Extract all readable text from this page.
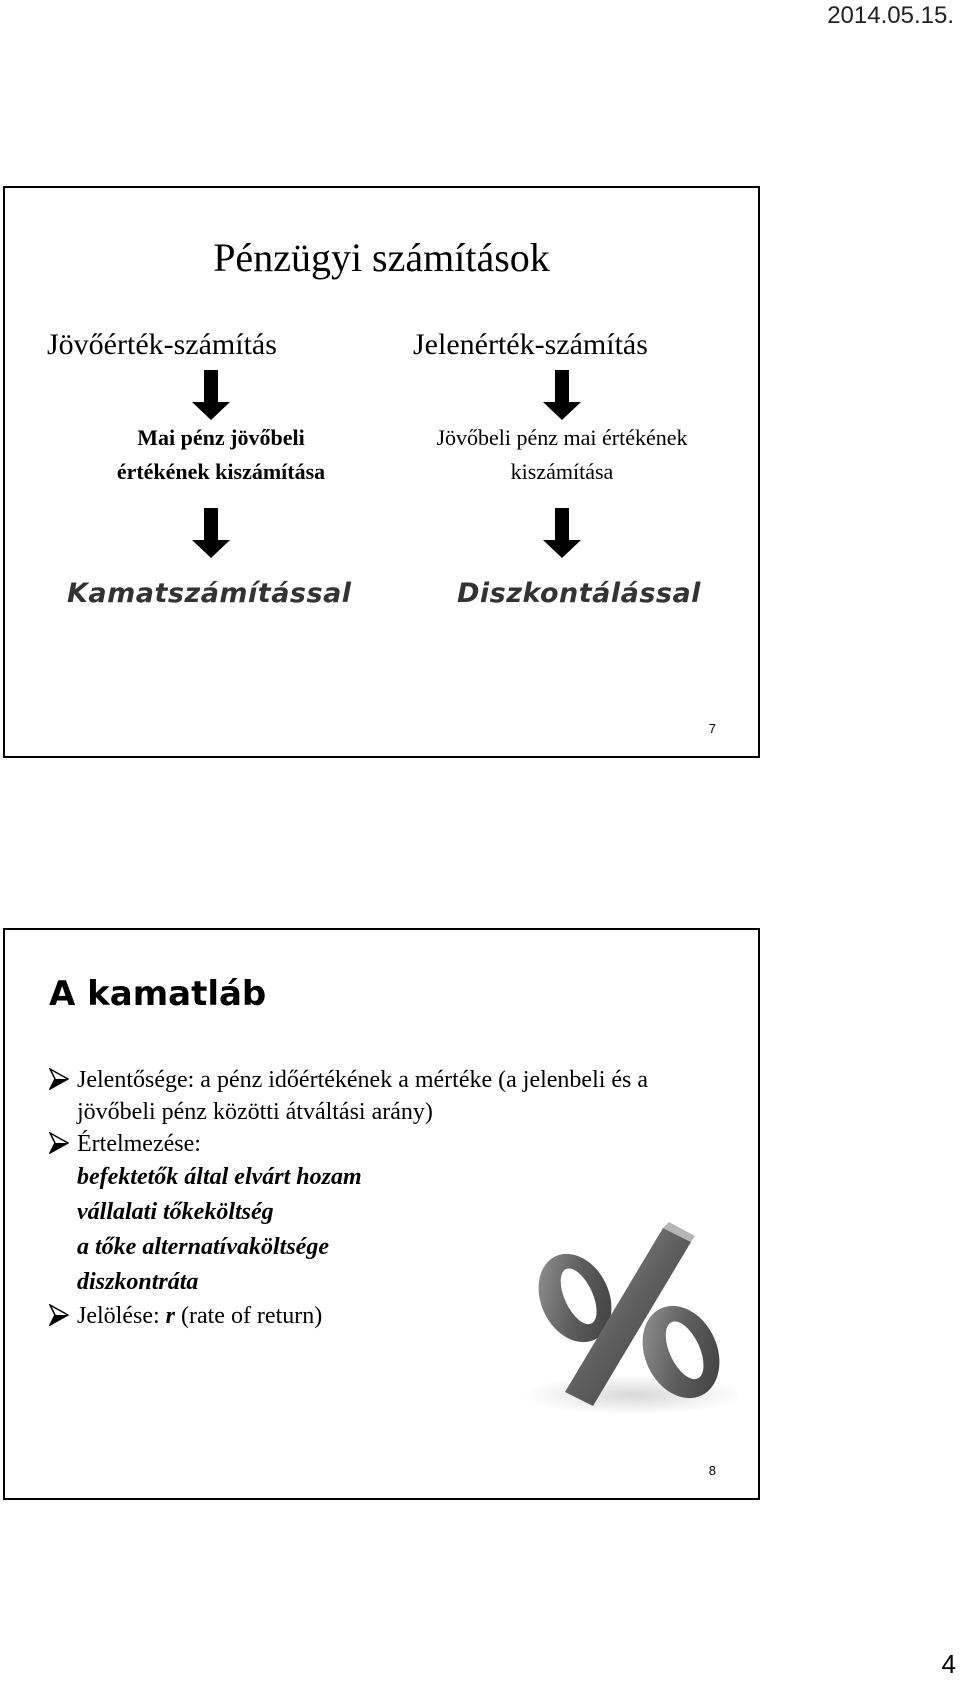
2014.05.15.
Pénzügyi számítások
Jövőérték-számítás	Jelenérték-számítás
Mai pénz jövőbeli
értékének kiszámítása
Jövőbeli pénz mai értékének
kiszámítása
Kamatszámítással	Diszkontálással
7
A kamatláb
Jelentősége: a pénz időértékének a mértéke (a jelenbeli és a jövőbeli pénz közötti átváltási arány)
Értelmezése:
befektetők által elvárt hozam
vállalati tőkeköltség
a tőke alternatívaköltsége
diszkontráta
Jelölése: r (rate of return)
8
4
